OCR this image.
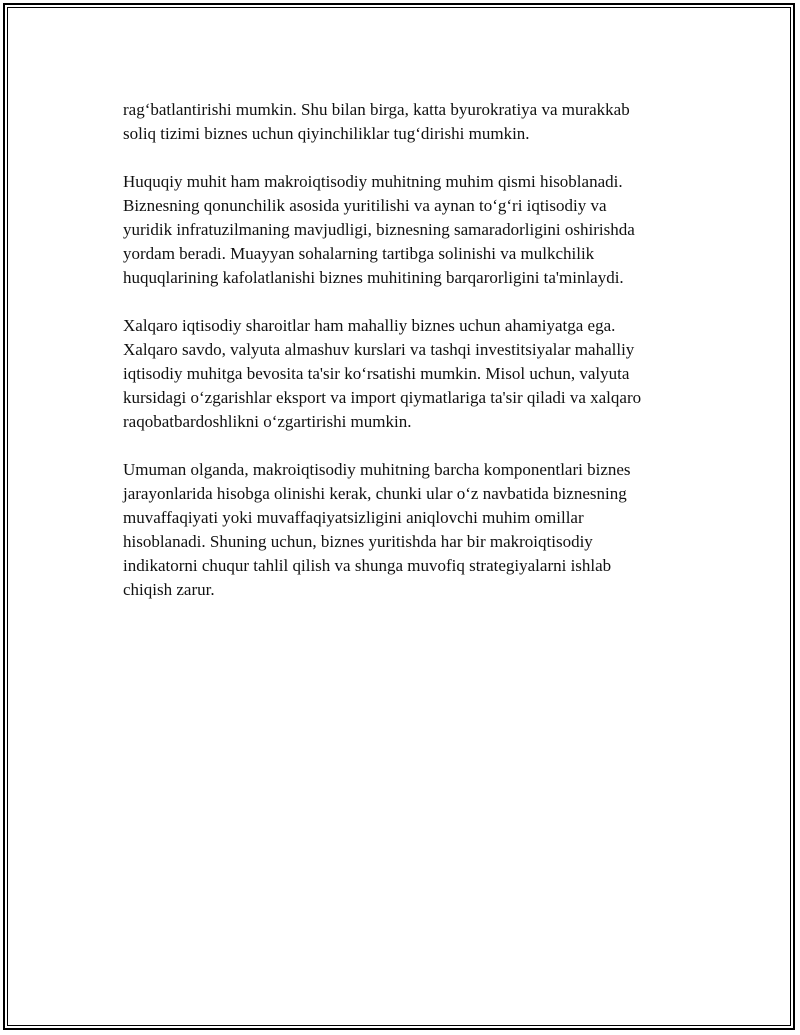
rag‘batlantirishi mumkin. Shu bilan birga, katta byurokratiya va murakkab
soliq tizimi biznes uchun qiyinchiliklar tug‘dirishi mumkin.

Huquqiy muhit ham makroiqtisodiy muhitning muhim qismi hisoblanadi.
Biznesning qonunchilik asosida yuritilishi va aynan to‘g‘ri iqtisodiy va
yuridik infratuzilmaning mavjudligi, biznesning samaradorligini oshirishda
yordam beradi. Muayyan sohalarning tartibga solinishi va mulkchilik
huquqlarining kafolatlanishi biznes muhitining barqarorligini ta'minlaydi.

Xalqaro iqtisodiy sharoitlar ham mahalliy biznes uchun ahamiyatga ega.
Xalqaro savdo, valyuta almashuv kurslari va tashqi investitsiyalar mahalliy
iqtisodiy muhitga bevosita ta'sir ko‘rsatishi mumkin. Misol uchun, valyuta
kursidagi o‘zgarishlar eksport va import qiymatlariga ta'sir qiladi va xalqaro
raqobatbardoshlikni o‘zgartirishi mumkin.

Umuman olganda, makroiqtisodiy muhitning barcha komponentlari biznes
jarayonlarida hisobga olinishi kerak, chunki ular o‘z navbatida biznesning
muvaffaqiyati yoki muvaffaqiyatsizligini aniqlovchi muhim omillar
hisoblanadi. Shuning uchun, biznes yuritishda har bir makroiqtisodiy
indikatorni chuqur tahlil qilish va shunga muvofiq strategiyalarni ishlab
chiqish zarur.
